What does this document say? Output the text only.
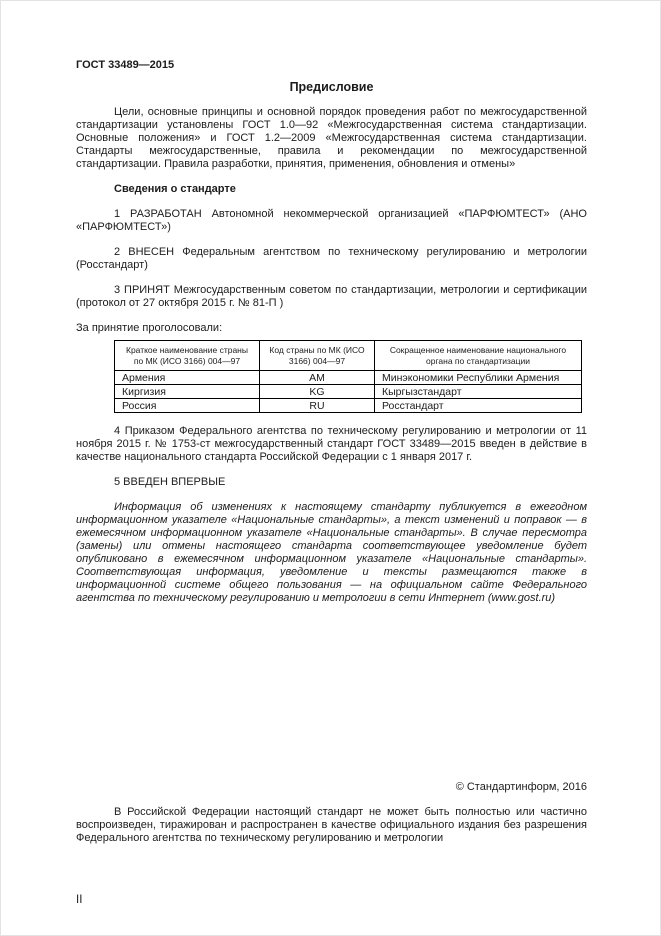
ГОСТ 33489—2015
Предисловие

Цели, основные принципы и основной порядок проведения работ по межгосударственной стандартизации установлены ГОСТ 1.0—92 «Межгосударственная система стандартизации. Основные положения» и ГОСТ 1.2—2009 «Межгосударственная система стандартизации. Стандарты межгосударственные, правила и рекомендации по межгосударственной стандартизации. Правила разработки, принятия, применения, обновления и отмены»

Сведения о стандарте

1 РАЗРАБОТАН Автономной некоммерческой организацией «ПАРФЮМТЕСТ» (АНО «ПАРФЮМТЕСТ»)

2 ВНЕСЕН Федеральным агентством по техническому регулированию и метрологии (Росстандарт)

3 ПРИНЯТ Межгосударственным советом по стандартизации, метрологии и сертификации (протокол от 27 октября 2015 г. № 81-П )

За принятие проголосовали:

Краткое наименование страны по МК (ИСО 3166) 004—97	Код страны по МК (ИСО 3166) 004—97	Сокращенное наименование национального органа по стандартизации
Армения	AM	Минэкономики Республики Армения
Киргизия	KG	Кыргызстандарт
Россия	RU	Росстандарт

4 Приказом Федерального агентства по техническому регулированию и метрологии от 11 ноября 2015 г. № 1753-ст межгосударственный стандарт ГОСТ 33489—2015 введен в действие в качестве национального стандарта Российской Федерации с 1 января 2017 г.

5 ВВЕДЕН ВПЕРВЫЕ

Информация об изменениях к настоящему стандарту публикуется в ежегодном информационном указателе «Национальные стандарты», а текст изменений и поправок — в ежемесячном информационном указателе «Национальные стандарты». В случае пересмотра (замены) или отмены настоящего стандарта соответствующее уведомление будет опубликовано в ежемесячном информационном указателе «Национальные стандарты». Соответствующая информация, уведомление и тексты размещаются также в информационной системе общего пользования — на официальном сайте Федерального агентства по техническому регулированию и метрологии в сети Интернет (www.gost.ru)

© Стандартинформ, 2016

В Российской Федерации настоящий стандарт не может быть полностью или частично воспроизведен, тиражирован и распространен в качестве официального издания без разрешения Федерального агентства по техническому регулированию и метрологии

II
